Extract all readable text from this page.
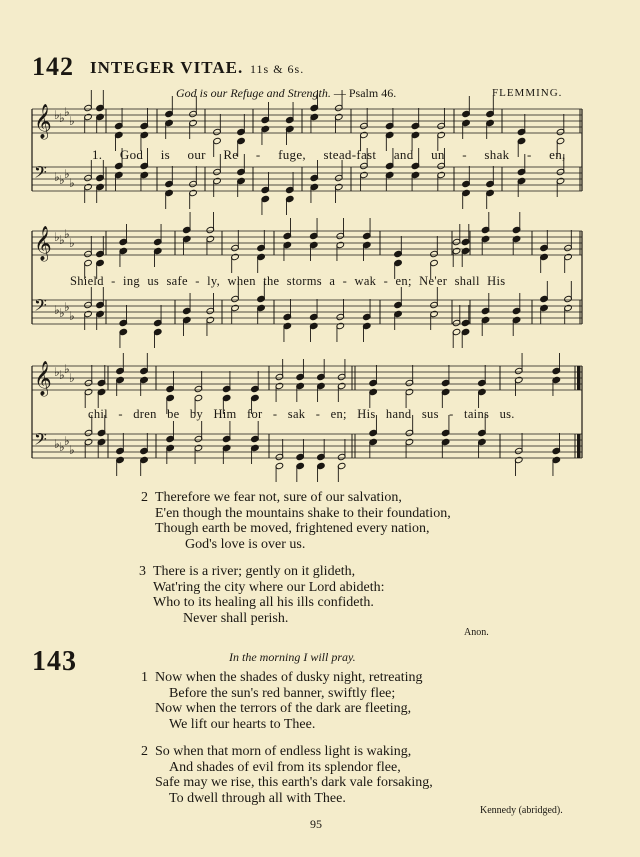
142 INTEGER VITAE. 11s & 6s.
God is our Refuge and Strength. — Psalm 46.	FLEMMING.
𝄞 ♭ ♭ ♭
♭
𝄢 ♭ ♭ ♭
♭
𝄞 ♭ ♭ ♭
♭
𝄢 ♭ ♭ ♭
♭
𝄞 ♭ ♭ ♭
♭
𝄢 ♭ ♭ ♭
♭
1. God is our Re - fuge, stead-fast and un - shak - en,
Shield - ing us safe - ly, when the storms a - wak - en; Ne'er shall His
chil - dren be by Him for - sak - en; His hand sus - tains us.
2 Therefore we fear not, sure of our salvation,
E'en though the mountains shake to their foundation,
Though earth be moved, frightened every nation,
God's love is over us.
3 There is a river; gently on it glideth,
Wat'ring the city where our Lord abideth:
Who to its healing all his ills confideth.
Never shall perish.
Anon.
143	In the morning I will pray.
1 Now when the shades of dusky night, retreating
Before the sun's red banner, swiftly flee;
Now when the terrors of the dark are fleeting,
We lift our hearts to Thee.
2 So when that morn of endless light is waking,
And shades of evil from its splendor flee,
Safe may we rise, this earth's dark vale forsaking,
To dwell through all with Thee.
Kennedy (abridged).
95
